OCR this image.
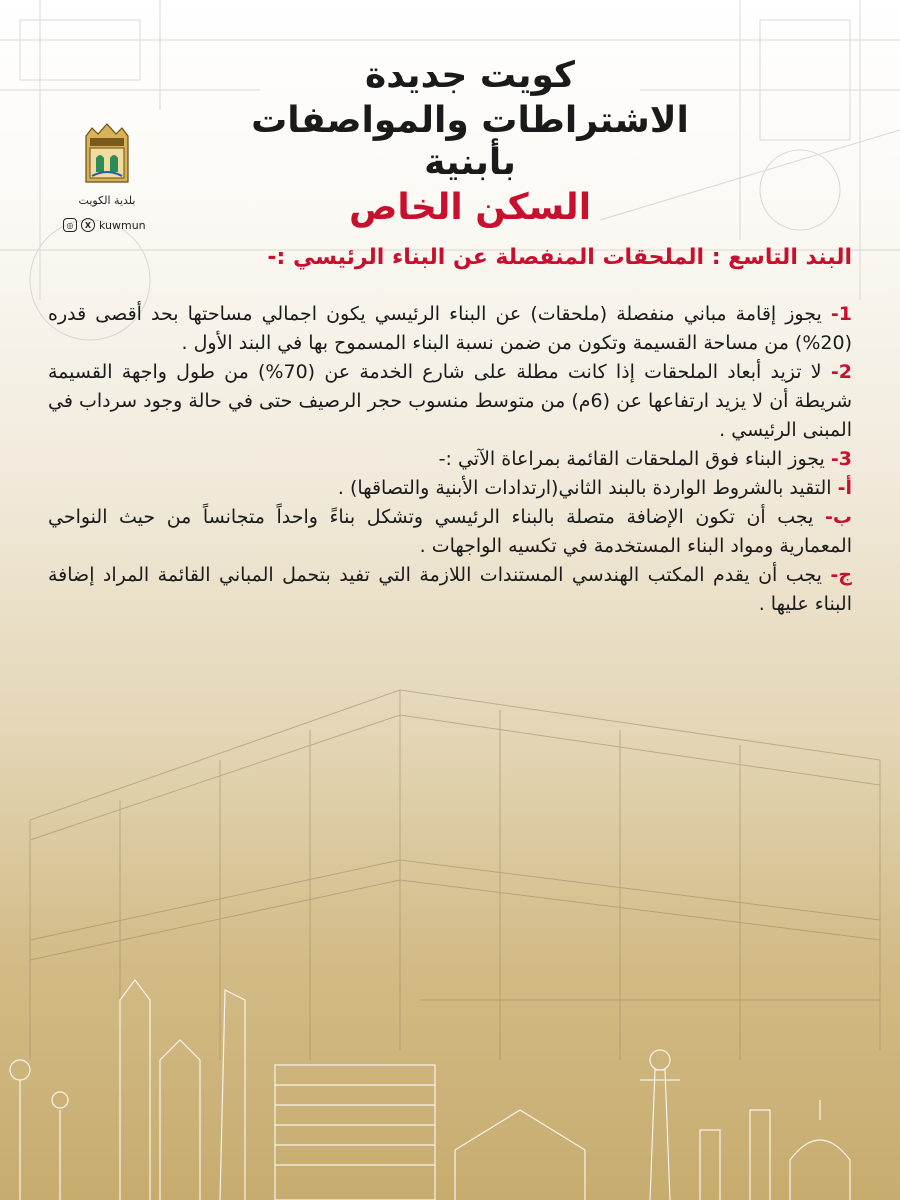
كويت جديدة
الاشتراطات والمواصفات بأبنية
السكن الخاص
بلدية الكويت
◎	X kuwmun
البند التاسع : الملحقات المنفصلة عن البناء الرئيسي :-

1- يجوز إقامة مباني منفصلة (ملحقات) عن البناء الرئيسي يكون اجمالي مساحتها بحد أقصى قدره (20%) من مساحة القسيمة وتكون من ضمن نسبة البناء المسموح بها في البند الأول .

2- لا تزيد أبعاد الملحقات إذا كانت مطلة على شارع الخدمة عن (70%) من طول واجهة القسيمة شريطة أن لا يزيد ارتفاعها عن (6م) من متوسط منسوب حجر الرصيف حتى في حالة وجود سرداب في المبنى الرئيسي .

3- يجوز البناء فوق الملحقات القائمة بمراعاة الآتي :-

أ- التقيد بالشروط الواردة بالبند الثاني(ارتدادات الأبنية والتصاقها) .

ب- يجب أن تكون الإضافة متصلة بالبناء الرئيسي وتشكل بناءً واحداً متجانساً من حيث النواحي المعمارية ومواد البناء المستخدمة في تكسيه الواجهات .

ج- يجب أن يقدم المكتب الهندسي المستندات اللازمة التي تفيد بتحمل المباني القائمة المراد إضافة البناء عليها .
